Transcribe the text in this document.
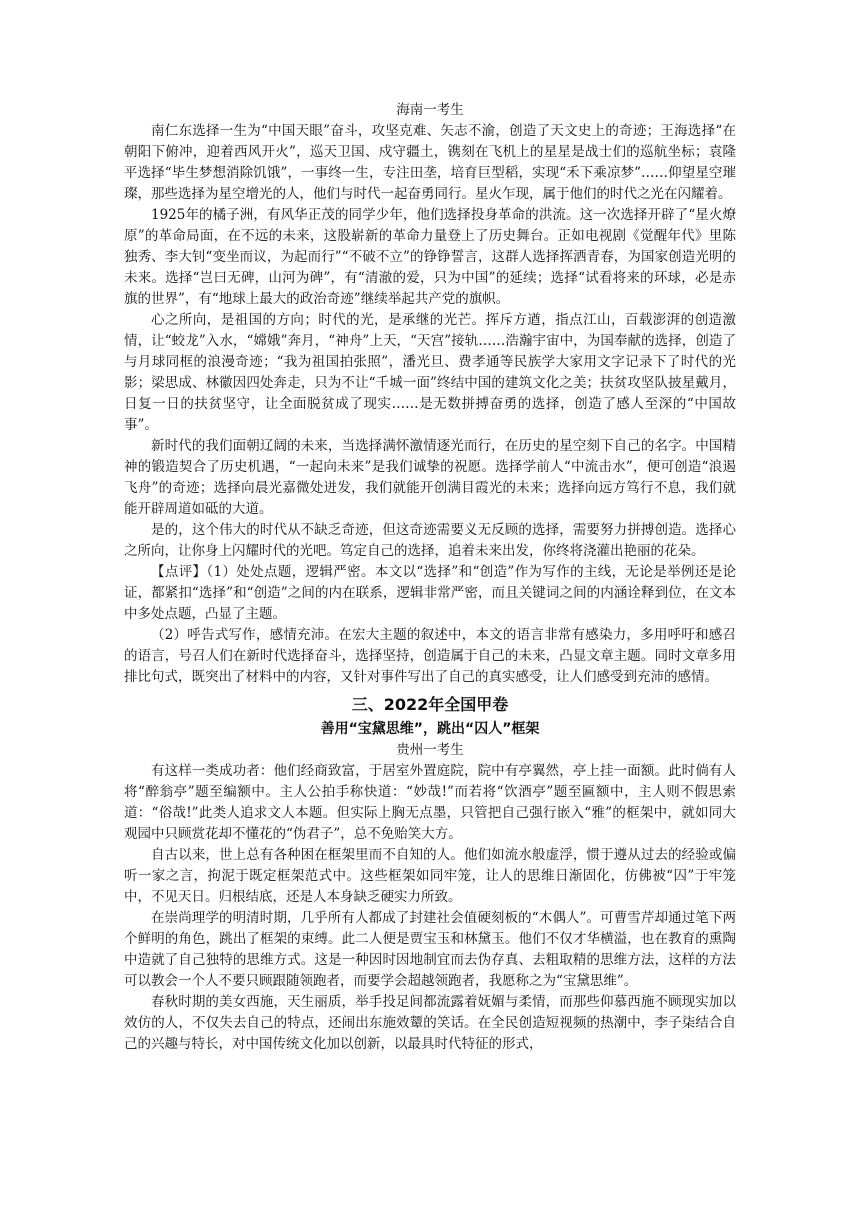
海南一考生

南仁东选择一生为“中国天眼”奋斗，攻坚克难、矢志不渝，创造了天文史上的奇迹；王海选择“在朝阳下俯冲，迎着西风开火”，巡天卫国、戍守疆土，镌刻在飞机上的星星是战士们的巡航坐标；袁隆平选择“毕生梦想消除饥饿”，一事终一生，专注田垄，培育巨型稻，实现“禾下乘凉梦”……仰望星空璀璨，那些选择为星空增光的人，他们与时代一起奋勇同行。星火乍现，属于他们的时代之光在闪耀着。

1925年的橘子洲，有风华正茂的同学少年，他们选择投身革命的洪流。这一次选择开辟了“星火燎原”的革命局面，在不远的未来，这股崭新的革命力量登上了历史舞台。正如电视剧《觉醒年代》里陈独秀、李大钊“变坐而议，为起而行”“不破不立”的铮铮誓言，这群人选择挥洒青春，为国家创造光明的未来。选择“岂曰无碑，山河为碑”，有“清澈的爱，只为中国”的延续；选择“试看将来的环球，必是赤旗的世界”，有“地球上最大的政治奇迹”继续举起共产党的旗帜。

心之所向，是祖国的方向；时代的光，是承继的光芒。挥斥方遒，指点江山，百载澎湃的创造激情，让“蛟龙”入水，“嫦娥”奔月，“神舟”上天，“天宫”接轨……浩瀚宇宙中，为国奉献的选择，创造了与月球同框的浪漫奇迹；“我为祖国拍张照”，潘光旦、费孝通等民族学大家用文字记录下了时代的光影；梁思成、林徽因四处奔走，只为不让“千城一面”终结中国的建筑文化之美；扶贫攻坚队披星戴月，日复一日的扶贫坚守，让全面脱贫成了现实……是无数拼搏奋勇的选择，创造了感人至深的“中国故事”。

新时代的我们面朝辽阔的未来，当选择满怀激情逐光而行，在历史的星空刻下自己的名字。中国精神的锻造契合了历史机遇，“一起向未来”是我们诚挚的祝愿。选择学前人“中流击水”，便可创造“浪遏飞舟”的奇迹；选择向晨光嘉微处迸发，我们就能开创满目霞光的未来；选择向远方笃行不息，我们就能开辟周道如砥的大道。

是的，这个伟大的时代从不缺乏奇迹，但这奇迹需要义无反顾的选择，需要努力拼搏创造。选择心之所向，让你身上闪耀时代的光吧。笃定自己的选择，追着未来出发，你终将浇灌出艳丽的花朵。

【点评】（1）处处点题，逻辑严密。本文以“选择”和“创造”作为写作的主线，无论是举例还是论证，都紧扣“选择”和“创造”之间的内在联系，逻辑非常严密，而且关键词之间的内涵诠释到位，在文本中多处点题，凸显了主题。

（2）呼告式写作，感情充沛。在宏大主题的叙述中，本文的语言非常有感染力，多用呼吁和感召的语言，号召人们在新时代选择奋斗，选择坚持，创造属于自己的未来，凸显文章主题。同时文章多用排比句式，既突出了材料中的内容，又针对事件写出了自己的真实感受，让人们感受到充沛的感情。

三、2022年全国甲卷
善用“宝黛思维”，跳出“囚人”框架
贵州一考生

有这样一类成功者：他们经商致富，于居室外置庭院，院中有亭翼然，亭上挂一面额。此时倘有人将“醉翁亭”题至编额中。主人公拍手称快道：“妙哉!”而若将“饮酒亭”题至匾额中，主人则不假思索道：“俗哉!”此类人追求文人本题。但实际上胸无点墨，只管把自己强行嵌入“雅”的框架中，就如同大观园中只顾赏花却不懂花的“伪君子”，总不免贻笑大方。

自古以来，世上总有各种困在框架里而不自知的人。他们如流水般虚浮，惯于遵从过去的经验或偏听一家之言，拘泥于既定框架范式中。这些框架如同牢笼，让人的思维日渐固化，仿佛被“囚”于牢笼中，不见天日。归根结底，还是人本身缺乏硬实力所致。

在崇尚理学的明清时期，几乎所有人都成了封建社会值硬刻板的“木偶人”。可曹雪芹却通过笔下两个鲜明的角色，跳出了框架的束缚。此二人便是贾宝玉和林黛玉。他们不仅才华横溢，也在教育的熏陶中造就了自己独特的思维方式。这是一种因时因地制宜而去伪存真、去粗取精的思维方法，这样的方法可以教会一个人不要只顾跟随领跑者，而要学会超越领跑者，我愿称之为“宝黛思维”。

春秋时期的美女西施，天生丽质，举手投足间都流露着妩媚与柔情，而那些仰慕西施不顾现实加以效仿的人，不仅失去自己的特点，还闹出东施效颦的笑话。在全民创造短视频的热潮中，李子柒结合自己的兴趣与特长，对中国传统文化加以创新，以最具时代特征的形式，
